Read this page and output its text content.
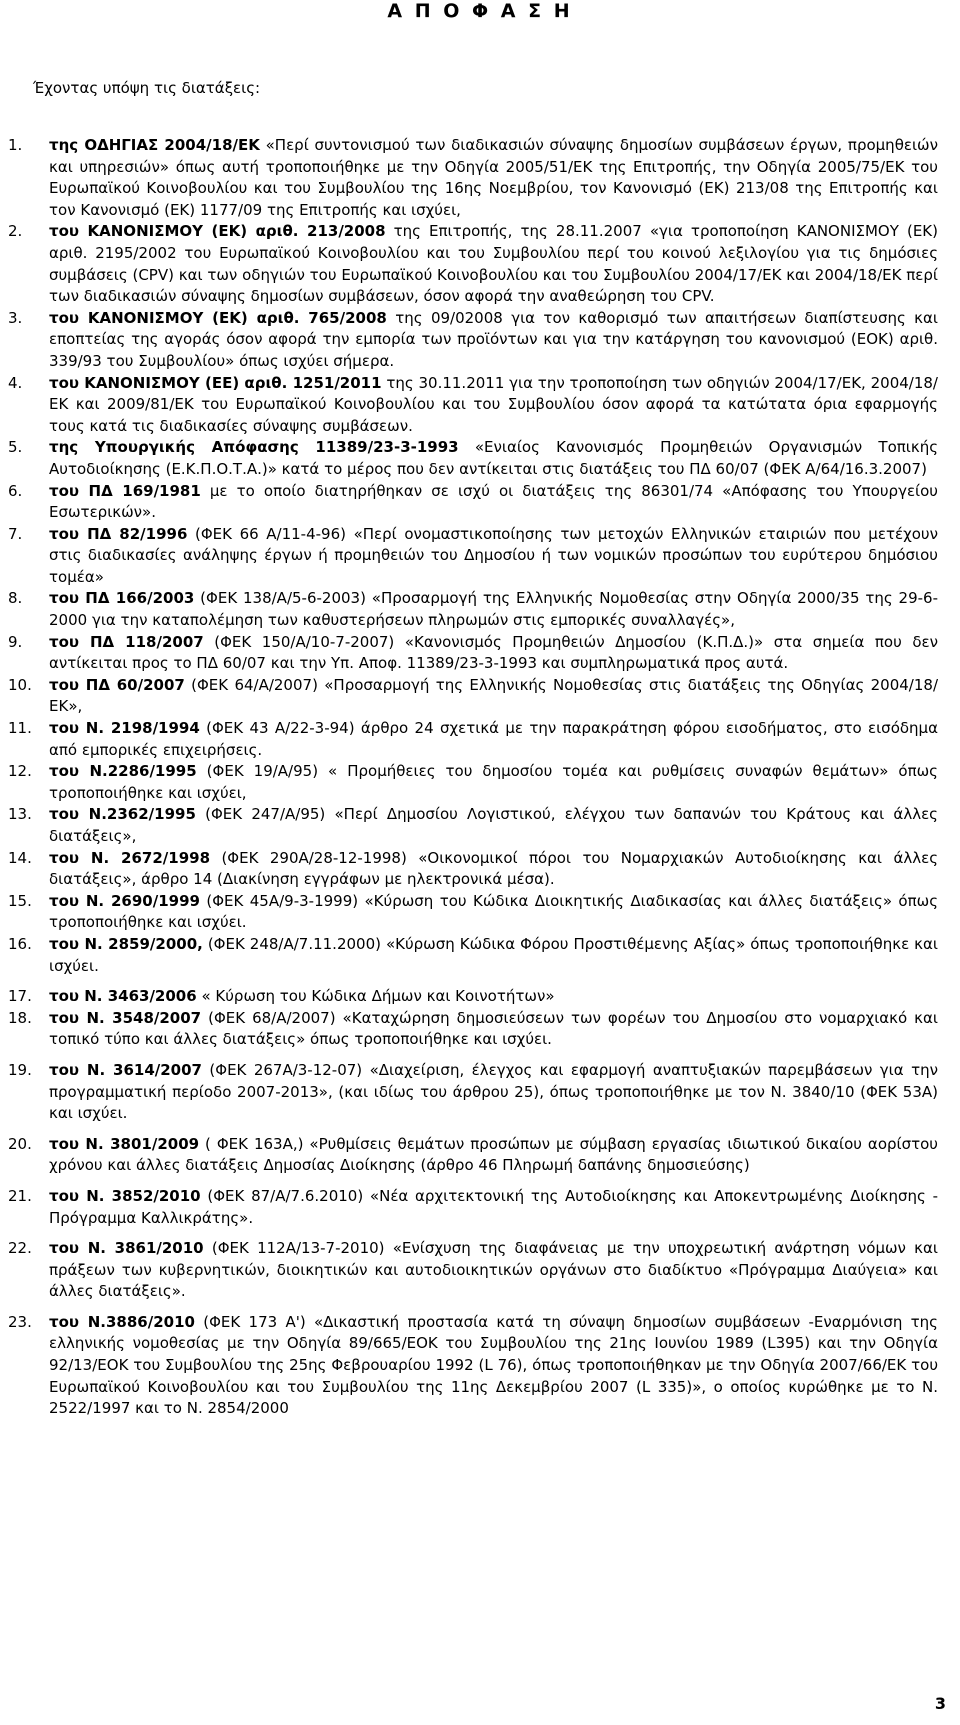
Α Π Ο Φ Α Σ Η
Έχοντας υπόψη τις διατάξεις:
1. της ΟΔΗΓΙΑΣ 2004/18/ΕΚ «Περί συντονισμού των διαδικασιών σύναψης δημοσίων συμβάσεων έργων, προμηθειών και υπηρεσιών» όπως αυτή τροποποιήθηκε με την Οδηγία 2005/51/ΕΚ της Επιτροπής, την Οδηγία 2005/75/ΕΚ του Ευρωπαϊκού Κοινοβουλίου και του Συμβουλίου της 16ης Νοεμβρίου, τον Κανονισμό (ΕΚ) 213/08 της Επιτροπής και τον Κανονισμό (ΕΚ) 1177/09 της Επιτροπής και ισχύει,
2. του ΚΑΝΟΝΙΣΜΟΥ (ΕΚ) αριθ. 213/2008 της Επιτροπής, της 28.11.2007 «για τροποποίηση ΚΑΝΟΝΙΣΜΟΥ (ΕΚ) αριθ. 2195/2002 του Ευρωπαϊκού Κοινοβουλίου και του Συμβουλίου περί του κοινού λεξιλογίου για τις δημόσιες συμβάσεις (CPV) και των οδηγιών του Ευρωπαϊκού Κοινοβουλίου και του Συμβουλίου 2004/17/ΕΚ και 2004/18/ΕΚ περί των διαδικασιών σύναψης δημοσίων συμβάσεων, όσον αφορά την αναθεώρηση του CPV.
3. του ΚΑΝΟΝΙΣΜΟΥ (ΕΚ) αριθ. 765/2008 της 09/02008 για τον καθορισμό των απαιτήσεων διαπίστευσης και εποπτείας της αγοράς όσον αφορά την εμπορία των προϊόντων και για την κατάργηση του κανονισμού (ΕΟΚ) αριθ. 339/93 του Συμβουλίου» όπως ισχύει σήμερα.
4. του ΚΑΝΟΝΙΣΜΟΥ (ΕΕ) αριθ. 1251/2011 της 30.11.2011 για την τροποποίηση των οδηγιών 2004/17/ΕΚ, 2004/18/ΕΚ και 2009/81/ΕΚ του Ευρωπαϊκού Κοινοβουλίου και του Συμβουλίου όσον αφορά τα κατώτατα όρια εφαρμογής τους κατά τις διαδικασίες σύναψης συμβάσεων.
5. της Υπουργικής Απόφασης 11389/23-3-1993 «Ενιαίος Κανονισμός Προμηθειών Οργανισμών Τοπικής Αυτοδιοίκησης (Ε.Κ.Π.Ο.Τ.Α.)» κατά το μέρος που δεν αντίκειται στις διατάξεις του ΠΔ 60/07 (ΦΕΚ Α/64/16.3.2007)
6. του ΠΔ 169/1981 με το οποίο διατηρήθηκαν σε ισχύ οι διατάξεις της 86301/74 «Απόφασης του Υπουργείου Εσωτερικών».
7. του ΠΔ 82/1996 (ΦΕΚ 66 Α/11-4-96) «Περί ονομαστικοποίησης των μετοχών Ελληνικών εταιριών που μετέχουν στις διαδικασίες ανάληψης έργων ή προμηθειών του Δημοσίου ή των νομικών προσώπων του ευρύτερου δημόσιου τομέα»
8. του ΠΔ 166/2003 (ΦΕΚ 138/Α/5-6-2003) «Προσαρμογή της Ελληνικής Νομοθεσίας στην Οδηγία 2000/35 της 29-6-2000 για την καταπολέμηση των καθυστερήσεων πληρωμών στις εμπορικές συναλλαγές»,
9. του ΠΔ 118/2007 (ΦΕΚ 150/Α/10-7-2007) «Κανονισμός Προμηθειών Δημοσίου (Κ.Π.Δ.)» στα σημεία που δεν αντίκειται προς το ΠΔ 60/07 και την Υπ. Αποφ. 11389/23-3-1993 και συμπληρωματικά προς αυτά.
10. του ΠΔ 60/2007 (ΦΕΚ 64/Α/2007) «Προσαρμογή της Ελληνικής Νομοθεσίας στις διατάξεις της Οδηγίας 2004/18/ΕΚ»,
11. του Ν. 2198/1994 (ΦΕΚ 43 Α/22-3-94) άρθρο 24 σχετικά με την παρακράτηση φόρου εισοδήματος, στο εισόδημα από εμπορικές επιχειρήσεις.
12. του Ν.2286/1995 (ΦΕΚ 19/Α/95) « Προμήθειες του δημοσίου τομέα και ρυθμίσεις συναφών θεμάτων» όπως τροποποιήθηκε και ισχύει,
13. του Ν.2362/1995 (ΦΕΚ 247/Α/95) «Περί Δημοσίου Λογιστικού, ελέγχου των δαπανών του Κράτους και άλλες διατάξεις»,
14. του Ν. 2672/1998 (ΦΕΚ 290Α/28-12-1998) «Οικονομικοί πόροι του Νομαρχιακών Αυτοδιοίκησης και άλλες διατάξεις», άρθρο 14 (Διακίνηση εγγράφων με ηλεκτρονικά μέσα).
15. του Ν. 2690/1999 (ΦΕΚ 45Α/9-3-1999) «Κύρωση του Κώδικα Διοικητικής Διαδικασίας και άλλες διατάξεις» όπως τροποποιήθηκε και ισχύει.
16. του Ν. 2859/2000, (ΦΕΚ 248/Α/7.11.2000) «Κύρωση Κώδικα Φόρου Προστιθέμενης Αξίας» όπως τροποποιήθηκε και ισχύει.
17. του Ν. 3463/2006 « Κύρωση του Κώδικα Δήμων και Κοινοτήτων»
18. του Ν. 3548/2007 (ΦΕΚ 68/Α/2007) «Καταχώρηση δημοσιεύσεων των φορέων του Δημοσίου στο νομαρχιακό και τοπικό τύπο και άλλες διατάξεις» όπως τροποποιήθηκε και ισχύει.
19. του Ν. 3614/2007 (ΦΕΚ 267Α/3-12-07) «Διαχείριση, έλεγχος και εφαρμογή αναπτυξιακών παρεμβάσεων για την προγραμματική περίοδο 2007-2013», (και ιδίως του άρθρου 25), όπως τροποποιήθηκε με τον Ν. 3840/10 (ΦΕΚ 53Α) και ισχύει.
20. του Ν. 3801/2009 ( ΦΕΚ 163Α,) «Ρυθμίσεις θεμάτων προσώπων με σύμβαση εργασίας ιδιωτικού δικαίου αορίστου χρόνου και άλλες διατάξεις Δημοσίας Διοίκησης (άρθρο 46 Πληρωμή δαπάνης δημοσιεύσης)
21. του Ν. 3852/2010 (ΦΕΚ 87/Α/7.6.2010) «Νέα αρχιτεκτονική της Αυτοδιοίκησης και Αποκεντρωμένης Διοίκησης - Πρόγραμμα Καλλικράτης».
22. του Ν. 3861/2010 (ΦΕΚ 112Α/13-7-2010) «Ενίσχυση της διαφάνειας με την υποχρεωτική ανάρτηση νόμων και πράξεων των κυβερνητικών, διοικητικών και αυτοδιοικητικών οργάνων στο διαδίκτυο «Πρόγραμμα Διαύγεια» και άλλες διατάξεις».
23. του Ν.3886/2010 (ΦΕΚ 173 Α') «Δικαστική προστασία κατά τη σύναψη δημοσίων συμβάσεων -Εναρμόνιση της ελληνικής νομοθεσίας με την Οδηγία 89/665/ΕΟΚ του Συμβουλίου της 21ης Ιουνίου 1989 (L395) και την Οδηγία 92/13/ΕΟΚ του Συμβουλίου της 25ης Φεβρουαρίου 1992 (L 76), όπως τροποποιήθηκαν με την Οδηγία 2007/66/ΕΚ του Ευρωπαϊκού Κοινοβουλίου και του Συμβουλίου της 11ης Δεκεμβρίου 2007 (L 335)», ο οποίος κυρώθηκε με το Ν. 2522/1997 και το Ν. 2854/2000
3
